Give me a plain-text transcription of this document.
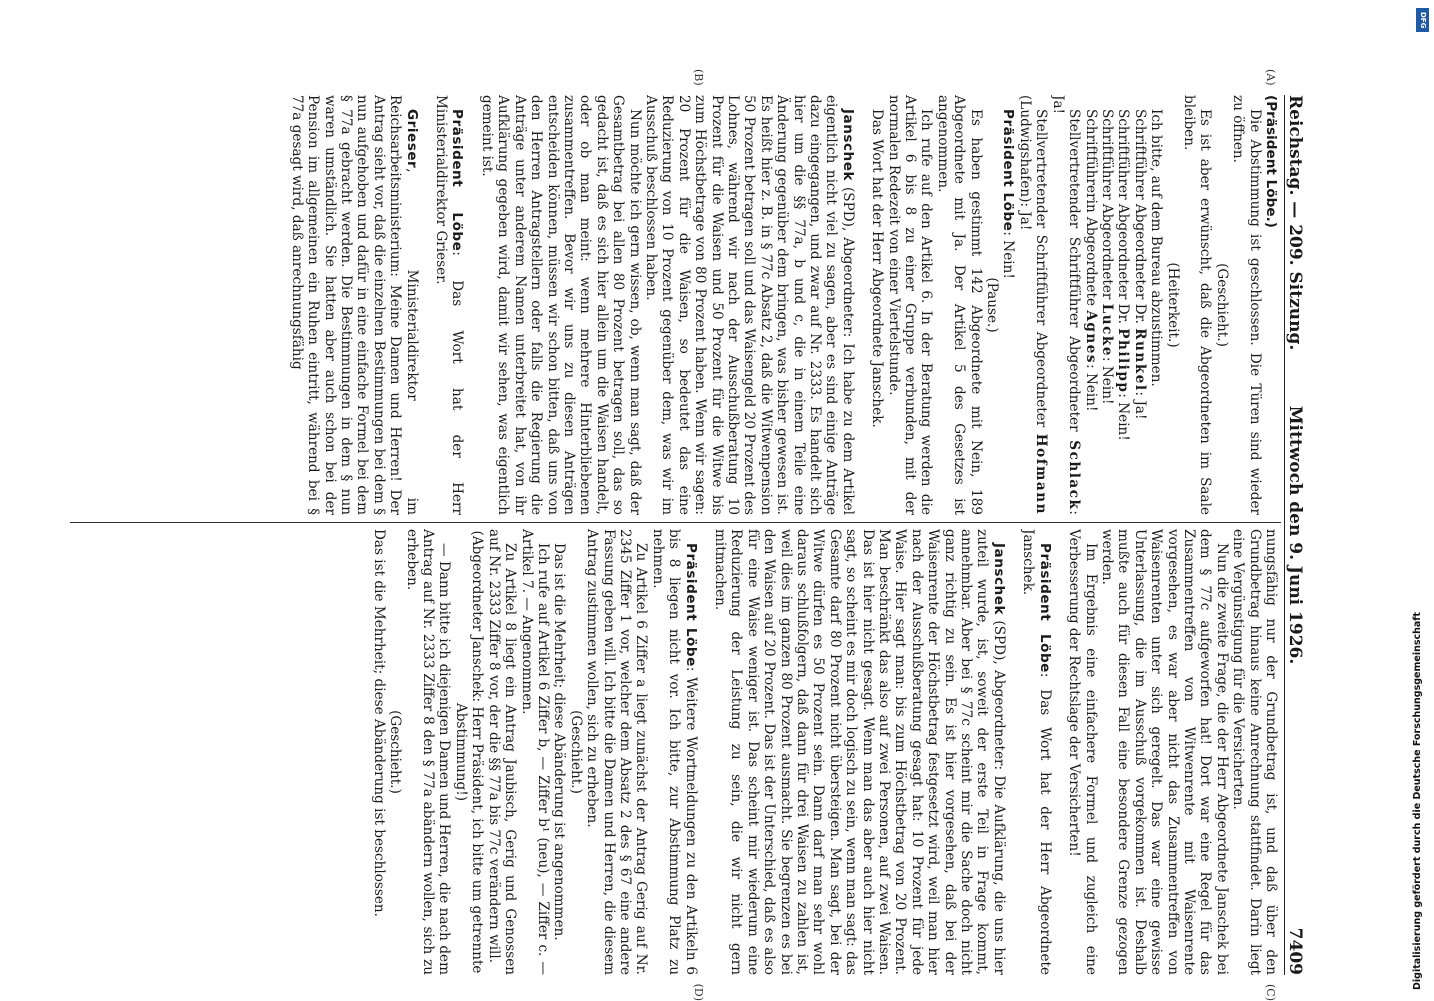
Reichstag. — 209. Sitzung.
Mittwoch den 9. Juni 1926.
7409
(A)
(B)
(C)
(D)

(Präsident Löbe.)

Die Abstimmung ist geschlossen. Die Türen sind wieder zu öffnen.

(Geschieht.)

Es ist aber erwünscht, daß die Abgeordneten im Saale bleiben.

(Heiterkeit.)

Ich bitte, auf dem Bureau abzustimmen.

Schriftführer Abgeordneter Dr. Runkel: Ja!

Schriftführer Abgeordneter Dr. Philipp: Nein!

Schriftführer Abgeordneter Lucke: Nein!

Schriftführerin Abgeordnete Agnes: Nein!

Stellvertretender Schriftführer Abgeordneter Schlack: Ja!

Stellvertretender Schriftführer Abgeordneter Hofmann (Ludwigshafen): Ja!

Präsident Löbe: Nein!

(Pause.)

Es haben gestimmt 142 Abgeordnete mit Nein, 189 Abgeordnete mit Ja. Der Artikel 5 des Gesetzes ist angenommen.

Ich rufe auf den Artikel 6. In der Beratung werden die Artikel 6 bis 8 zu einer Gruppe verbunden, mit der normalen Redezeit von einer Viertelstunde.

Das Wort hat der Herr Abgeordnete Janschek.

Janschek (SPD), Abgeordneter: Ich habe zu dem Artikel eigentlich nicht viel zu sagen, aber es sind einige Anträge dazu eingegangen, und zwar auf Nr. 2333. Es handelt sich hier um die §§ 77a, b und c, die in einem Teile eine Änderung gegenüber dem bringen, was bisher gewesen ist. Es heißt hier z. B. in § 77c Absatz 2, daß die Witwenpension 50 Prozent betragen soll und das Waisengeld 20 Prozent des Lohnes, während wir nach der Ausschußberatung 10 Prozent für die Waisen und 50 Prozent für die Witwe bis zum Höchstbetrage von 80 Prozent haben. Wenn wir sagen: 20 Prozent für die Waisen, so bedeutet das eine Reduzierung von 10 Prozent gegenüber dem, was wir im Ausschuß beschlossen haben.

Nun möchte ich gern wissen, ob, wenn man sagt, daß der Gesamtbetrag bei allen 80 Prozent betragen soll, das so gedacht ist, daß es sich hier allein um die Waisen handelt, oder ob man meint: wenn mehrere Hinterbliebenen zusammentreffen. Bevor wir uns zu diesen Anträgen entscheiden können, müssen wir schon bitten, daß uns von den Herren Antragstellern oder falls die Regierung die Anträge unter anderem Namen unterbreitet hat, von ihr Aufklärung gegeben wird, damit wir sehen, was eigentlich gemeint ist.

Präsident Löbe: Das Wort hat der Herr Ministerialdirektor Grieser.

Grieser, Ministerialdirektor im Reichsarbeitsministerium: Meine Damen und Herren! Der Antrag sieht vor, daß die einzelnen Bestimmungen bei dem § nun aufgehoben und dafür in eine einfache Formel bei dem § 77a gebracht werden. Die Bestimmungen in dem § nun waren umständlich. Sie hatten aber auch schon bei der Pension im allgemeinen ein Ruhen eintritt, während bei § 77a gesagt wird, daß anrechnungsfähig

nungsfähig nur der Grundbetrag ist, und daß über den Grundbetrag hinaus keine Anrechnung stattfindet. Darin liegt eine Vergünstigung für die Versicherten.

Nun die zweite Frage, die der Herr Abgeordnete Janschek bei dem § 77c aufgeworfen hat! Dort war eine Regel für das Zusammentreffen von Witwenrente mit Waisenrente vorgesehen, es war aber nicht das Zusammentreffen von Waisenrenten unter sich geregelt. Das war eine gewisse Unterlassung, die im Ausschuß vorgekommen ist. Deshalb mußte auch für diesen Fall eine besondere Grenze gezogen werden.

Im Ergebnis eine einfachere Formel und zugleich eine Verbesserung der Rechtslage der Versicherten!

Präsident Löbe: Das Wort hat der Herr Abgeordnete Janschek.

Janschek (SPD), Abgeordneter: Die Aufklärung, die uns hier zuteil wurde, ist, soweit der erste Teil in Frage kommt, annehmbar. Aber bei § 77c scheint mir die Sache doch nicht ganz richtig zu sein. Es ist hier vorgesehen, daß bei der Waisenrente der Höchstbetrag festgesetzt wird, weil man hier nach der Ausschußberatung gesagt hat: 10 Prozent für jede Waise. Hier sagt man: bis zum Höchstbetrag von 20 Prozent. Man beschränkt das also auf zwei Personen, auf zwei Waisen. Das ist hier nicht gesagt. Wenn man das aber auch hier nicht sagt, so scheint es mir doch logisch zu sein, wenn man sagt: das Gesamte darf 80 Prozent nicht übersteigen. Man sagt, bei der Witwe dürfen es 50 Prozent sein. Dann darf man sehr wohl daraus schlußfolgern, daß dann für drei Waisen zu zahlen ist, weil dies im ganzen 80 Prozent ausmacht. Sie begrenzen es bei den Waisen auf 20 Prozent. Das ist der Unterschied, daß es also für eine Waise weniger ist. Das scheint mir wiederum eine Reduzierung der Leistung zu sein, die wir nicht gern mitmachen.

Präsident Löbe: Weitere Wortmeldungen zu den Artikeln 6 bis 8 liegen nicht vor. Ich bitte, zur Abstimmung Platz zu nehmen.

Zu Artikel 6 Ziffer a liegt zunächst der Antrag Gerig auf Nr. 2345 Ziffer 1 vor, welcher dem Absatz 2 des § 67 eine andere Fassung geben will. Ich bitte die Damen und Herren, die diesem Antrag zustimmen wollen, sich zu erheben.

(Geschieht.)

Das ist die Mehrheit; diese Abänderung ist angenommen.

Ich rufe auf Artikel 6 Ziffer b, — Ziffer b¹ (neu), — Ziffer c. — Artikel 7. — Angenommen.

Zu Artikel 8 liegt ein Antrag Jaubisch, Gerig und Genossen auf Nr. 2333 Ziffer 8 vor, der die §§ 77a bis 77c verändern will.

(Abgeordneter Janschek: Herr Präsident, ich bitte um getrennte Abstimmung!)

— Dann bitte ich diejenigen Damen und Herren, die nach dem Antrag auf Nr. 2333 Ziffer 8 den § 77a abändern wollen, sich zu erheben.

(Geschieht.)

Das ist die Mehrheit; diese Abänderung ist beschlossen.

DFG
Digitalisierung gefördert durch die Deutsche Forschungsgemeinschaft
